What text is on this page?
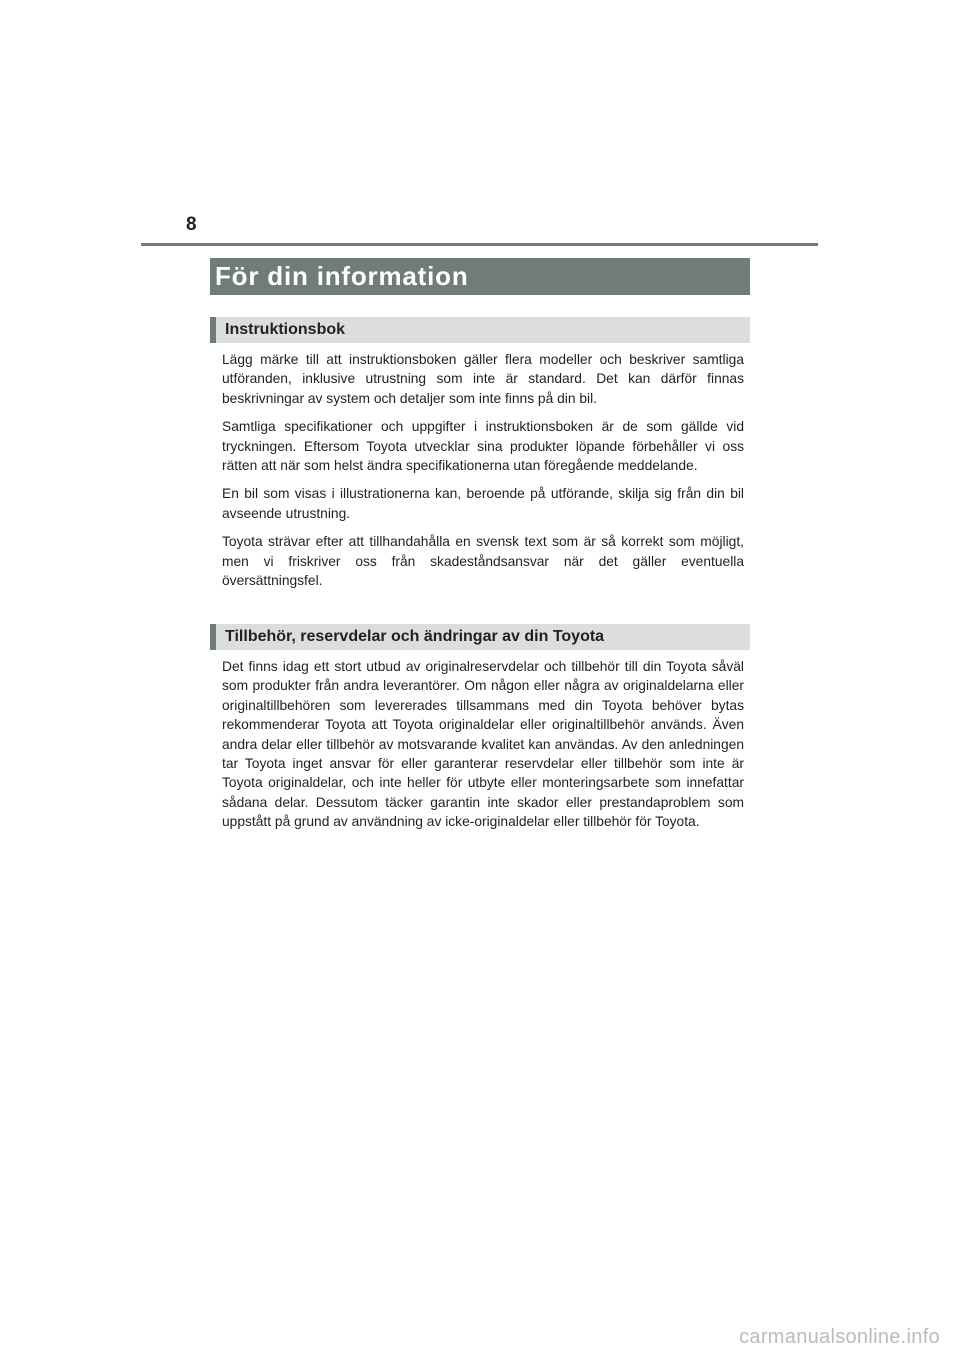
8
För din information
Instruktionsbok

Lägg märke till att instruktionsboken gäller flera modeller och beskriver samtliga utföranden, inklusive utrustning som inte är standard. Det kan därför finnas beskrivningar av system och detaljer som inte finns på din bil.

Samtliga specifikationer och uppgifter i instruktionsboken är de som gällde vid tryckningen. Eftersom Toyota utvecklar sina produkter löpande förbehåller vi oss rätten att när som helst ändra specifikationerna utan föregående meddelande.

En bil som visas i illustrationerna kan, beroende på utförande, skilja sig från din bil avseende utrustning.

Toyota strävar efter att tillhandahålla en svensk text som är så korrekt som möjligt, men vi friskriver oss från skadeståndsansvar när det gäller eventuella översättningsfel.

Tillbehör, reservdelar och ändringar av din Toyota

Det finns idag ett stort utbud av originalreservdelar och tillbehör till din Toyota såväl som produkter från andra leverantörer. Om någon eller några av originaldelarna eller originaltillbehören som levererades tillsammans med din Toyota behöver bytas rekommenderar Toyota att Toyota originaldelar eller originaltillbehör används. Även andra delar eller tillbehör av motsvarande kvalitet kan användas. Av den anledningen tar Toyota inget ansvar för eller garanterar reservdelar eller tillbehör som inte är Toyota originaldelar, och inte heller för utbyte eller monteringsarbete som innefattar sådana delar. Dessutom täcker garantin inte skador eller prestandaproblem som uppstått på grund av användning av icke-originaldelar eller tillbehör för Toyota.

carmanualsonline.info
